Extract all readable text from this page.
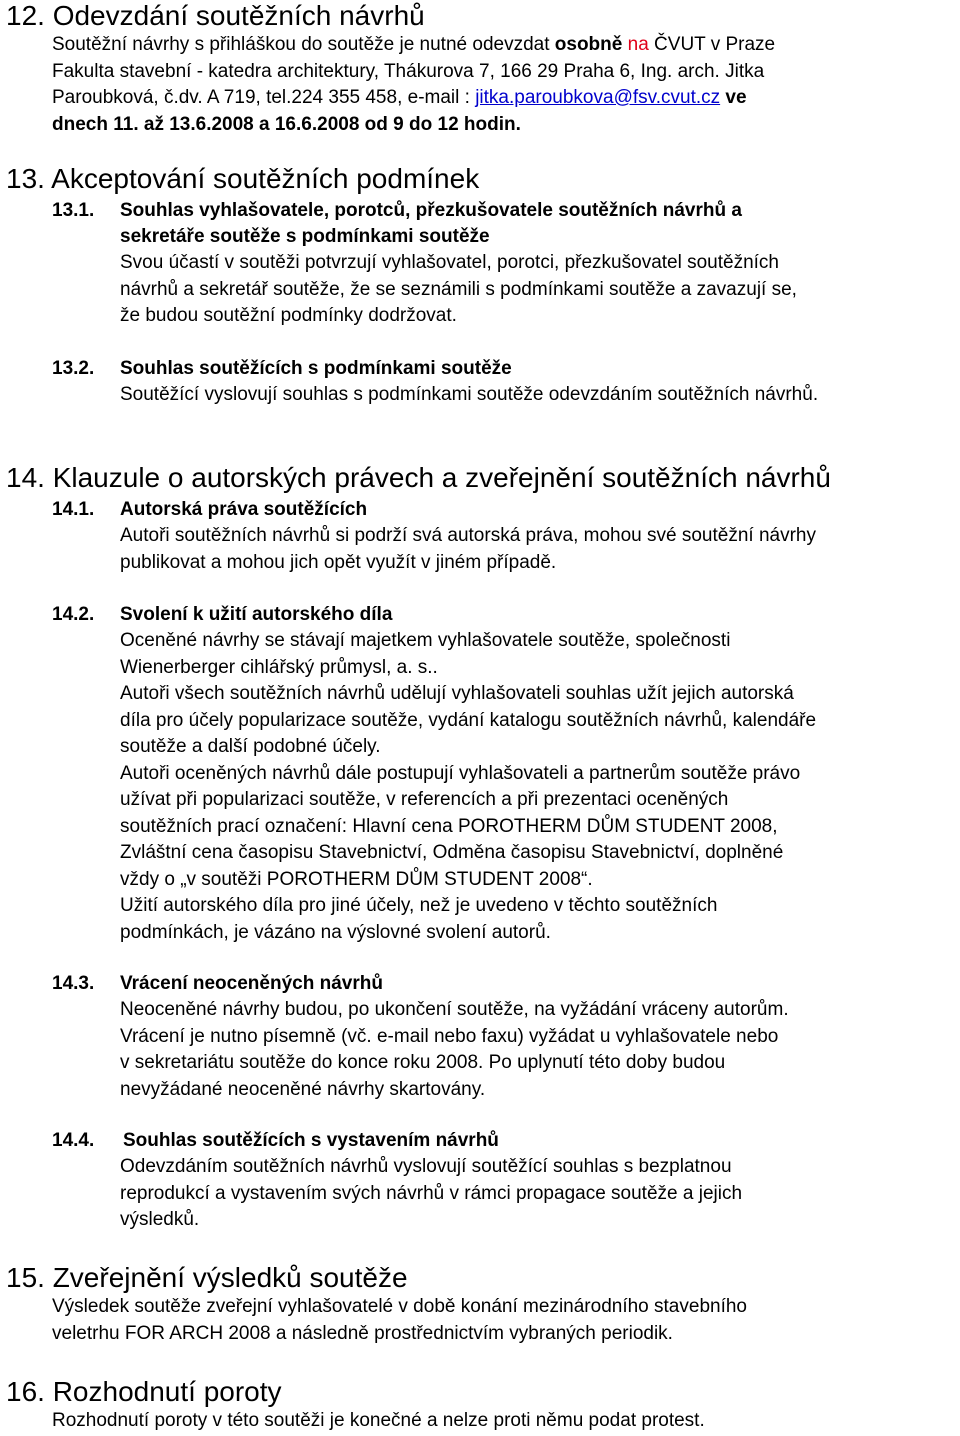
12. Odevzdání soutěžních návrhů
Soutěžní návrhy s přihláškou do soutěže je nutné odevzdat osobně na ČVUT v Praze
Fakulta stavební - katedra architektury, Thákurova 7, 166 29 Praha 6, Ing. arch. Jitka
Paroubková, č.dv. A 719, tel.224 355 458, e-mail : jitka.paroubkova@fsv.cvut.cz ve
dnech 11. až 13.6.2008 a 16.6.2008 od 9 do 12 hodin.
13. Akceptování soutěžních podmínek
13.1. Souhlas vyhlašovatele, porotců, přezkušovatele soutěžních návrhů a
sekretáře soutěže s podmínkami soutěže
Svou účastí v soutěži potvrzují vyhlašovatel, porotci, přezkušovatel soutěžních
návrhů a sekretář soutěže, že se seznámili s podmínkami soutěže a zavazují se,
že budou soutěžní podmínky dodržovat.
13.2. Souhlas soutěžících s podmínkami soutěže
Soutěžící vyslovují souhlas s podmínkami soutěže odevzdáním soutěžních návrhů.
14. Klauzule o autorských právech a zveřejnění soutěžních návrhů
14.1. Autorská práva soutěžících
Autoři soutěžních návrhů si podrží svá autorská práva, mohou své soutěžní návrhy
publikovat a mohou jich opět využít v jiném případě.
14.2. Svolení k užití autorského díla
Oceněné návrhy se stávají majetkem vyhlašovatele soutěže, společnosti
Wienerberger cihlářský průmysl, a. s..
Autoři všech soutěžních návrhů udělují vyhlašovateli souhlas užít jejich autorská
díla pro účely popularizace soutěže, vydání katalogu soutěžních návrhů, kalendáře
soutěže a další podobné účely.
Autoři oceněných návrhů dále postupují vyhlašovateli a partnerům soutěže právo
užívat při popularizaci soutěže, v referencích a při prezentaci oceněných
soutěžních prací označení: Hlavní cena POROTHERM DŮM STUDENT 2008,
Zvláštní cena časopisu Stavebnictví, Odměna časopisu Stavebnictví, doplněné
vždy o „v soutěži POROTHERM DŮM STUDENT 2008“.
Užití autorského díla pro jiné účely, než je uvedeno v těchto soutěžních
podmínkách, je vázáno na výslovné svolení autorů.
14.3. Vrácení neoceněných návrhů
Neoceněné návrhy budou, po ukončení soutěže, na vyžádání vráceny autorům.
Vrácení je nutno písemně (vč. e-mail nebo faxu) vyžádat u vyhlašovatele nebo
v sekretariátu soutěže do konce roku 2008. Po uplynutí této doby budou
nevyžádané neoceněné návrhy skartovány.
14.4. Souhlas soutěžících s vystavením návrhů
Odevzdáním soutěžních návrhů vyslovují soutěžící souhlas s bezplatnou
reprodukcí a vystavením svých návrhů v rámci propagace soutěže a jejich
výsledků.
15. Zveřejnění výsledků soutěže
Výsledek soutěže zveřejní vyhlašovatelé v době konání mezinárodního stavebního
veletrhu FOR ARCH 2008 a následně prostřednictvím vybraných periodik.
16. Rozhodnutí poroty
Rozhodnutí poroty v této soutěži je konečné a nelze proti němu podat protest.
